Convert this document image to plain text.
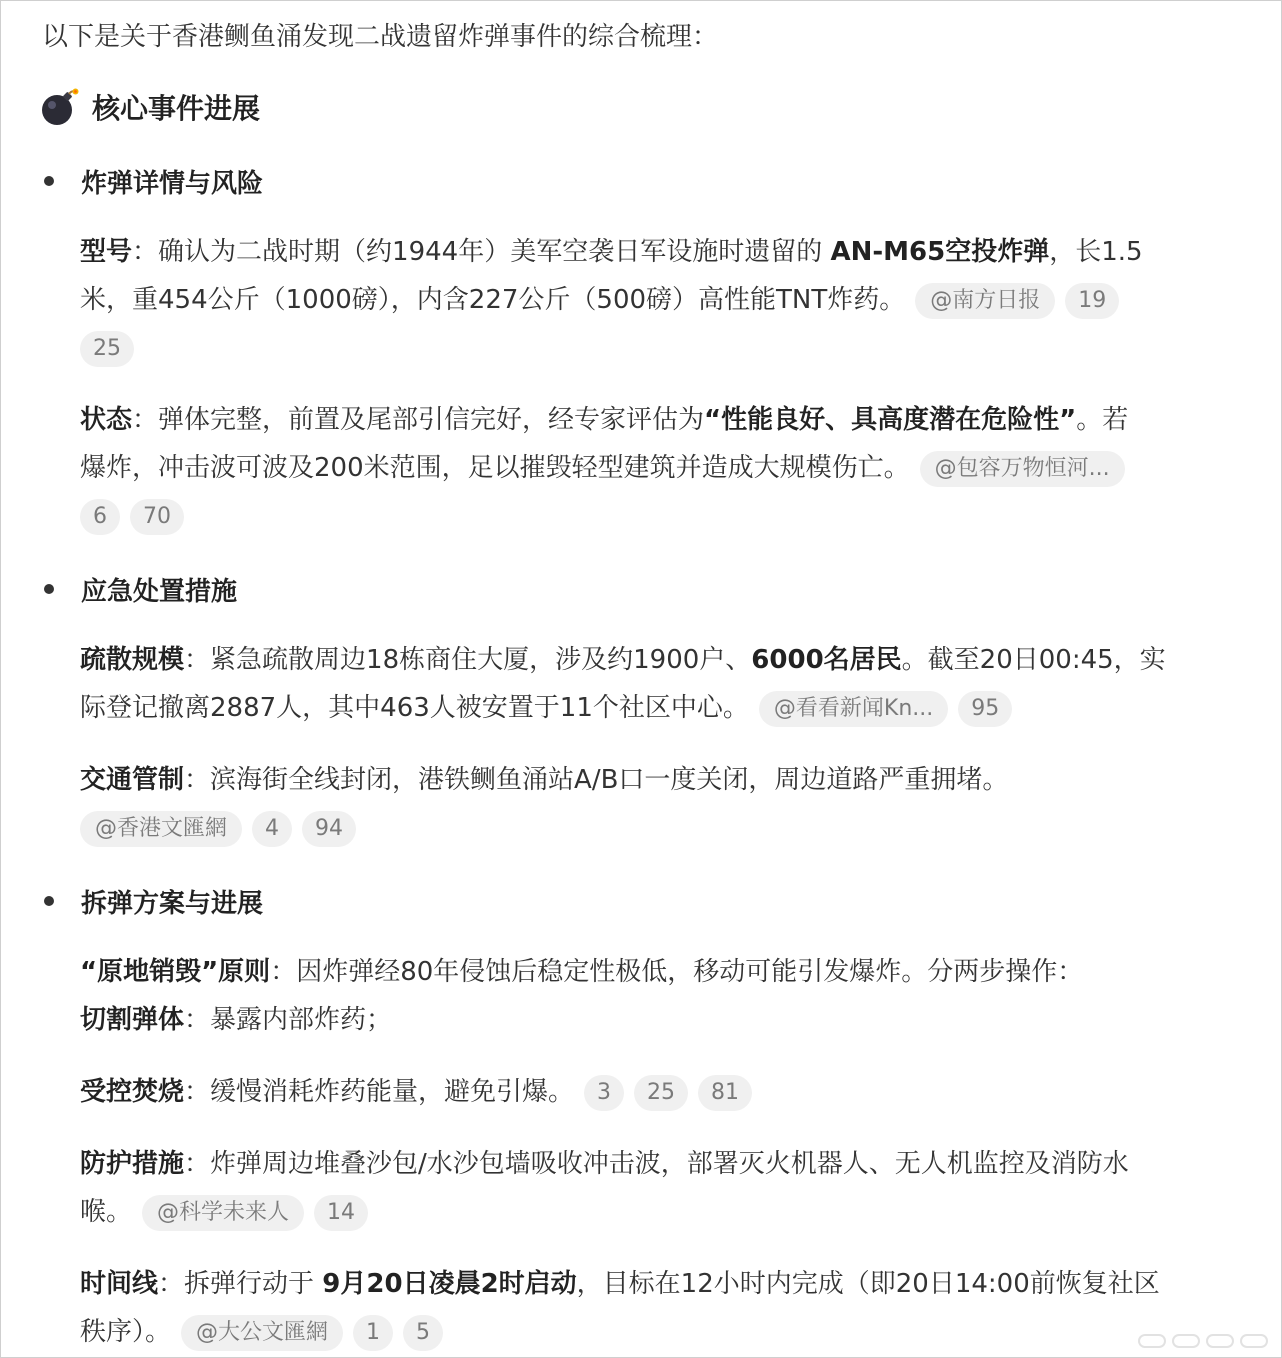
以下是关于香港鲗鱼涌发现二战遗留炸弹事件的综合梳理：
核心事件进展
炸弹详情与风险
型号：确认为二战时期（约1944年）美军空袭日军设施时遗留的 AN-M65空投炸弹，长1.5
米，重454公斤（1000磅），内含227公斤（500磅）高性能TNT炸药。 @南方日报 19
25
状态：弹体完整，前置及尾部引信完好，经专家评估为“性能良好、具高度潜在危险性”。若
爆炸，冲击波可波及200米范围，足以摧毁轻型建筑并造成大规模伤亡。 @包容万物恒河...
6 70
应急处置措施
疏散规模：紧急疏散周边18栋商住大厦，涉及约1900户、6000名居民。截至20日00:45，实
际登记撤离2887人，其中463人被安置于11个社区中心。 @看看新闻Kn... 95
交通管制：滨海街全线封闭，港铁鲗鱼涌站A/B口一度关闭，周边道路严重拥堵。
@香港文匯網 4 94
拆弹方案与进展
“原地销毁”原则：因炸弹经80年侵蚀后稳定性极低，移动可能引发爆炸。分两步操作：
切割弹体：暴露内部炸药；
受控焚烧：缓慢消耗炸药能量，避免引爆。 3 25 81
防护措施：炸弹周边堆叠沙包/水沙包墙吸收冲击波，部署灭火机器人、无人机监控及消防水
喉。 @科学未来人 14
时间线：拆弹行动于 9月20日凌晨2时启动，目标在12小时内完成（即20日14:00前恢复社区
秩序）。 @大公文匯網 1 5
